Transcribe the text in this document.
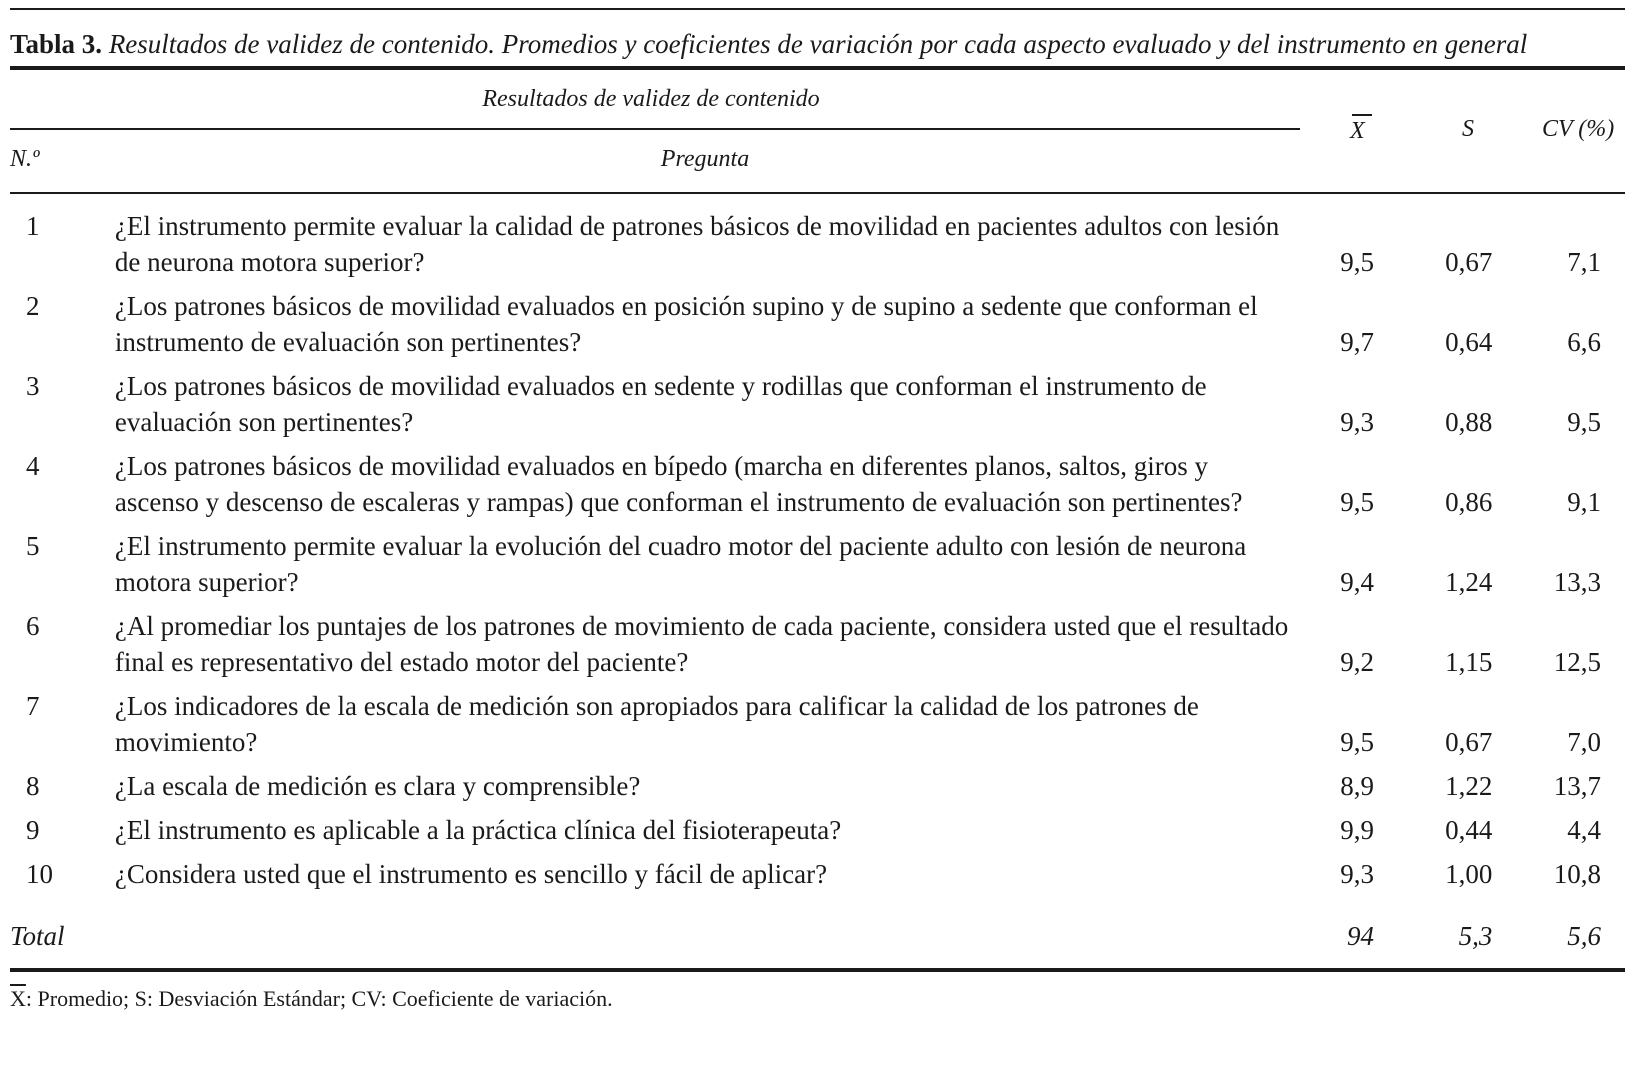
Tabla 3. Resultados de validez de contenido. Promedios y coeficientes de variación por cada aspecto evaluado y del instrumento en general
Resultados de validez de contenido
N.º	Pregunta
X	S	CV (%)
1	¿El instrumento permite evaluar la calidad de patrones básicos de movilidad en pacientes adultos con lesión de neurona motora superior?	9,5	0,67	7,1
2	¿Los patrones básicos de movilidad evaluados en posición supino y de supino a sedente que conforman el instrumento de evaluación son pertinentes?	9,7	0,64	6,6
3	¿Los patrones básicos de movilidad evaluados en sedente y rodillas que conforman el instrumento de evaluación son pertinentes?	9,3	0,88	9,5
4	¿Los patrones básicos de movilidad evaluados en bípedo (marcha en diferentes planos, saltos, giros y ascenso y descenso de escaleras y rampas) que conforman el instrumento de evaluación son pertinentes?	9,5	0,86	9,1
5	¿El instrumento permite evaluar la evolución del cuadro motor del paciente adulto con lesión de neurona motora superior?	9,4	1,24	13,3
6	¿Al promediar los puntajes de los patrones de movimiento de cada paciente, considera usted que el resultado final es representativo del estado motor del paciente?	9,2	1,15	12,5
7	¿Los indicadores de la escala de medición son apropiados para calificar la calidad de los patrones de movimiento?	9,5	0,67	7,0
8	¿La escala de medición es clara y comprensible?	8,9	1,22	13,7
9	¿El instrumento es aplicable a la práctica clínica del fisioterapeuta?	9,9	0,44	4,4
10	¿Considera usted que el instrumento es sencillo y fácil de aplicar?	9,3	1,00	10,8
Total		94	5,3	5,6
$\overline{X}$: Promedio; S: Desviación Estándar; CV: Coeficiente de variación.
